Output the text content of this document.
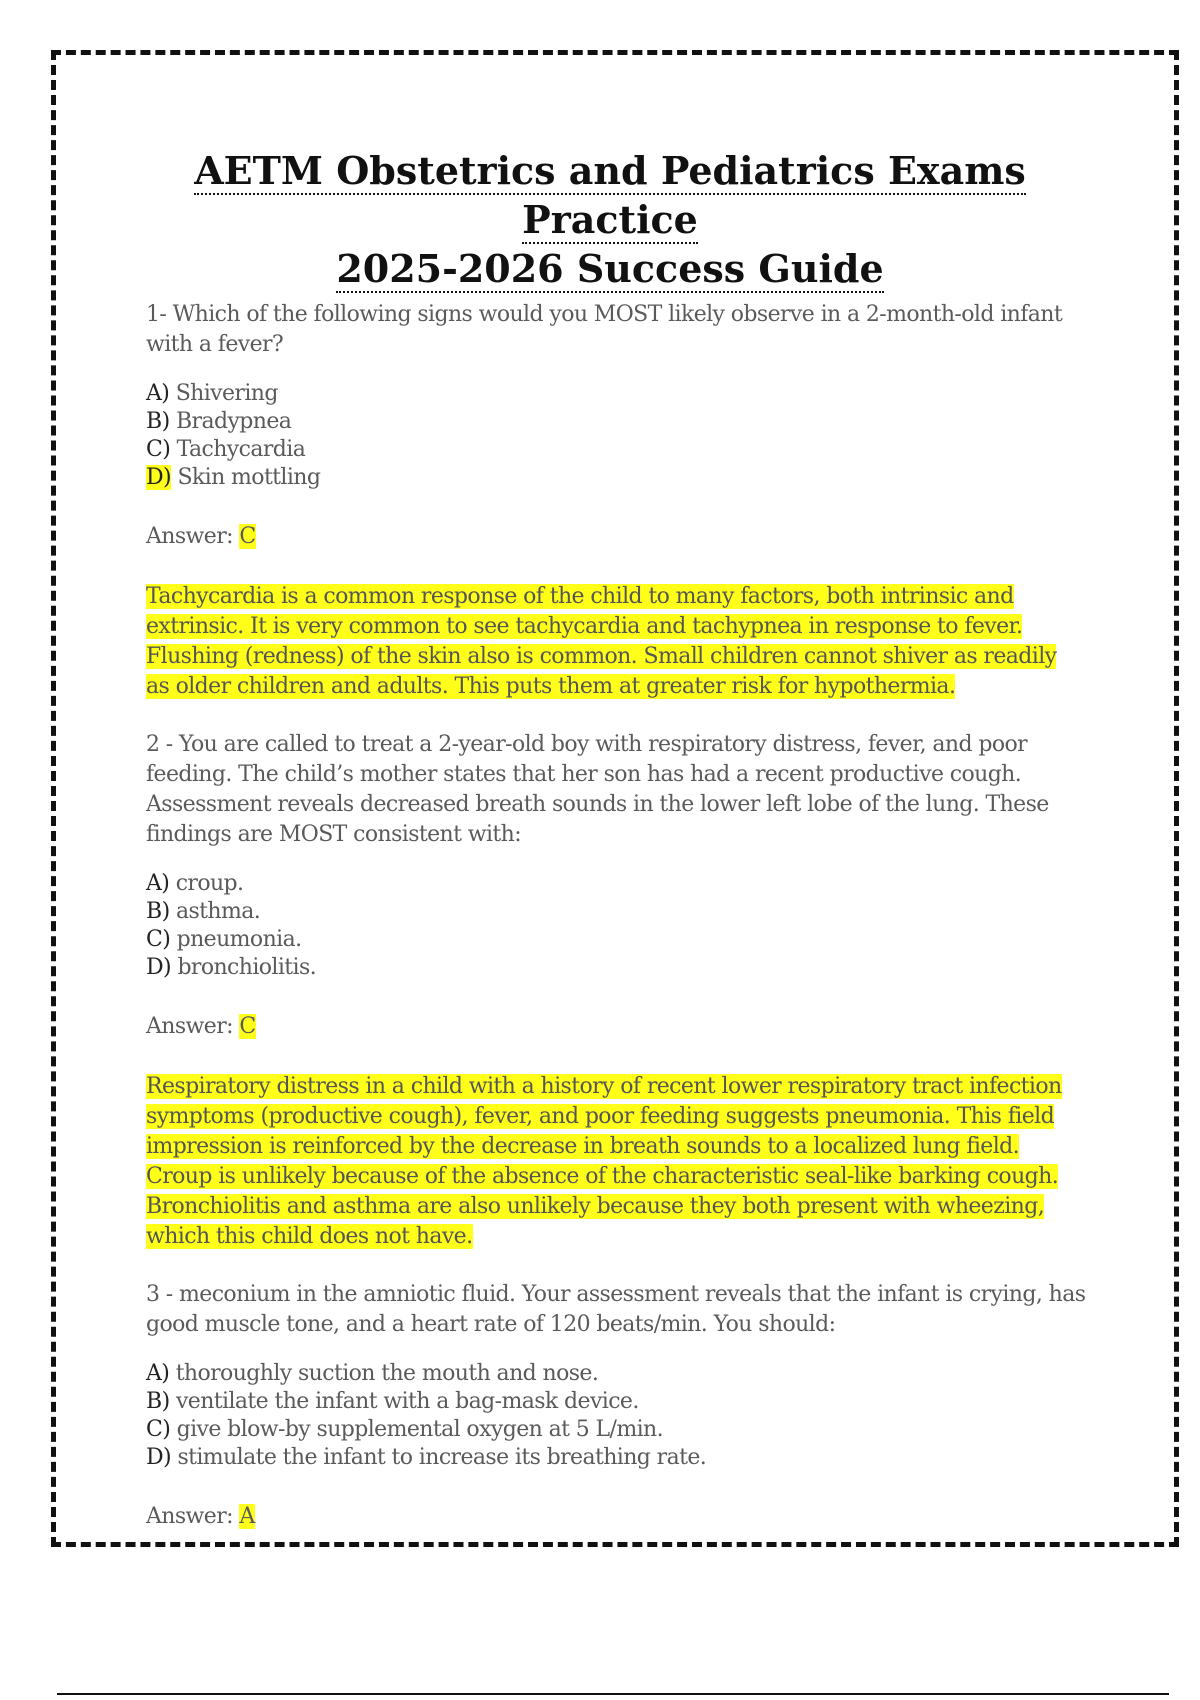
AETM Obstetrics and Pediatrics Exams Practice
2025-2026 Success Guide

1- Which of the following signs would you MOST likely observe in a 2-month-old infant with a fever?

A) Shivering
B) Bradypnea
C) Tachycardia
D) Skin mottling
Answer: C
Tachycardia is a common response of the child to many factors, both intrinsic and extrinsic. It is very common to see tachycardia and tachypnea in response to fever. Flushing (redness) of the skin also is common. Small children cannot shiver as readily as older children and adults. This puts them at greater risk for hypothermia.

2 - You are called to treat a 2-year-old boy with respiratory distress, fever, and poor feeding. The child’s mother states that her son has had a recent productive cough. Assessment reveals decreased breath sounds in the lower left lobe of the lung. These findings are MOST consistent with:

A) croup.
B) asthma.
C) pneumonia.
D) bronchiolitis.
Answer: C
Respiratory distress in a child with a history of recent lower respiratory tract infection symptoms (productive cough), fever, and poor feeding suggests pneumonia. This field impression is reinforced by the decrease in breath sounds to a localized lung field. Croup is unlikely because of the absence of the characteristic seal-like barking cough. Bronchiolitis and asthma are also unlikely because they both present with wheezing, which this child does not have.

3 - meconium in the amniotic fluid. Your assessment reveals that the infant is crying, has good muscle tone, and a heart rate of 120 beats/min. You should:

A) thoroughly suction the mouth and nose.
B) ventilate the infant with a bag-mask device.
C) give blow-by supplemental oxygen at 5 L/min.
D) stimulate the infant to increase its breathing rate.
Answer: A
